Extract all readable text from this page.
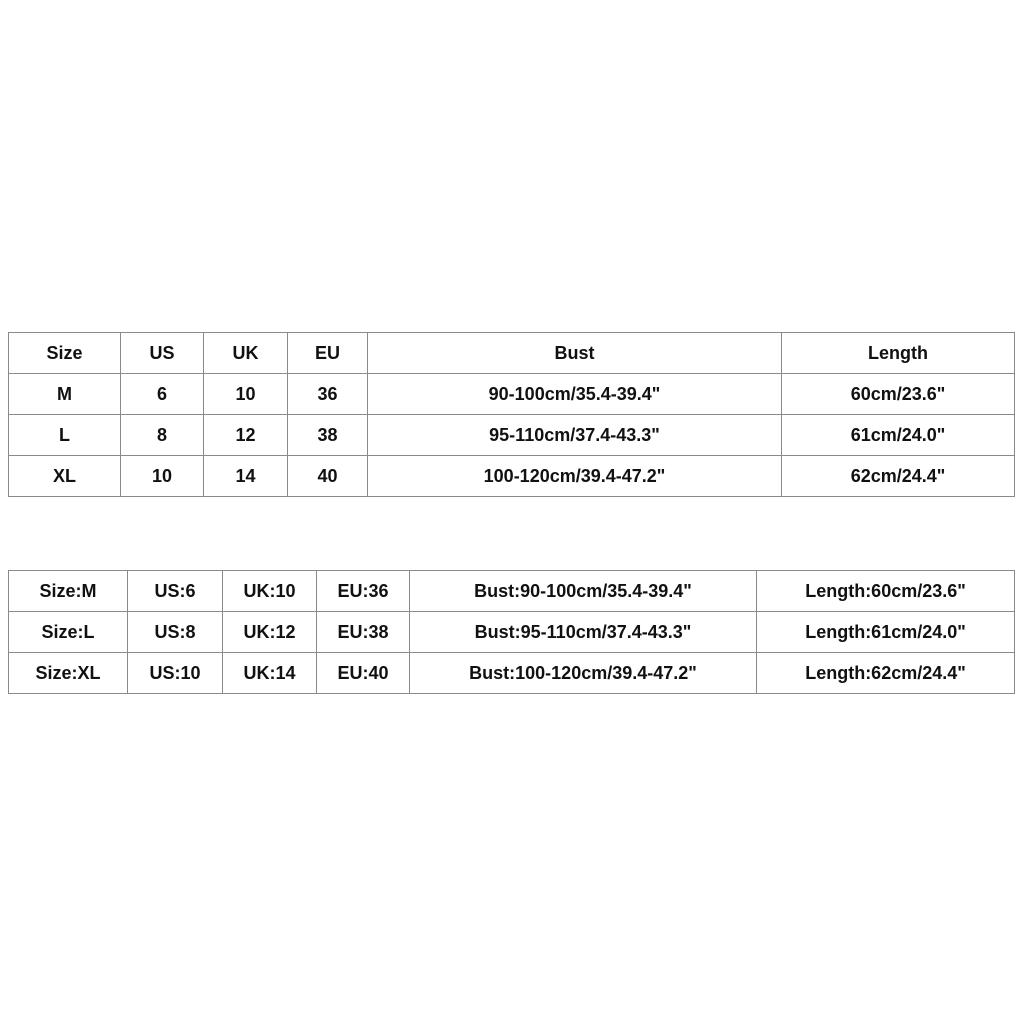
Size	US	UK	EU	Bust	Length
M	6	10	36	90-100cm/35.4-39.4"	60cm/23.6"
L	8	12	38	95-110cm/37.4-43.3"	61cm/24.0"
XL	10	14	40	100-120cm/39.4-47.2"	62cm/24.4"
Size:M	US:6	UK:10	EU:36	Bust:90-100cm/35.4-39.4"	Length:60cm/23.6"
Size:L	US:8	UK:12	EU:38	Bust:95-110cm/37.4-43.3"	Length:61cm/24.0"
Size:XL	US:10	UK:14	EU:40	Bust:100-120cm/39.4-47.2"	Length:62cm/24.4"
